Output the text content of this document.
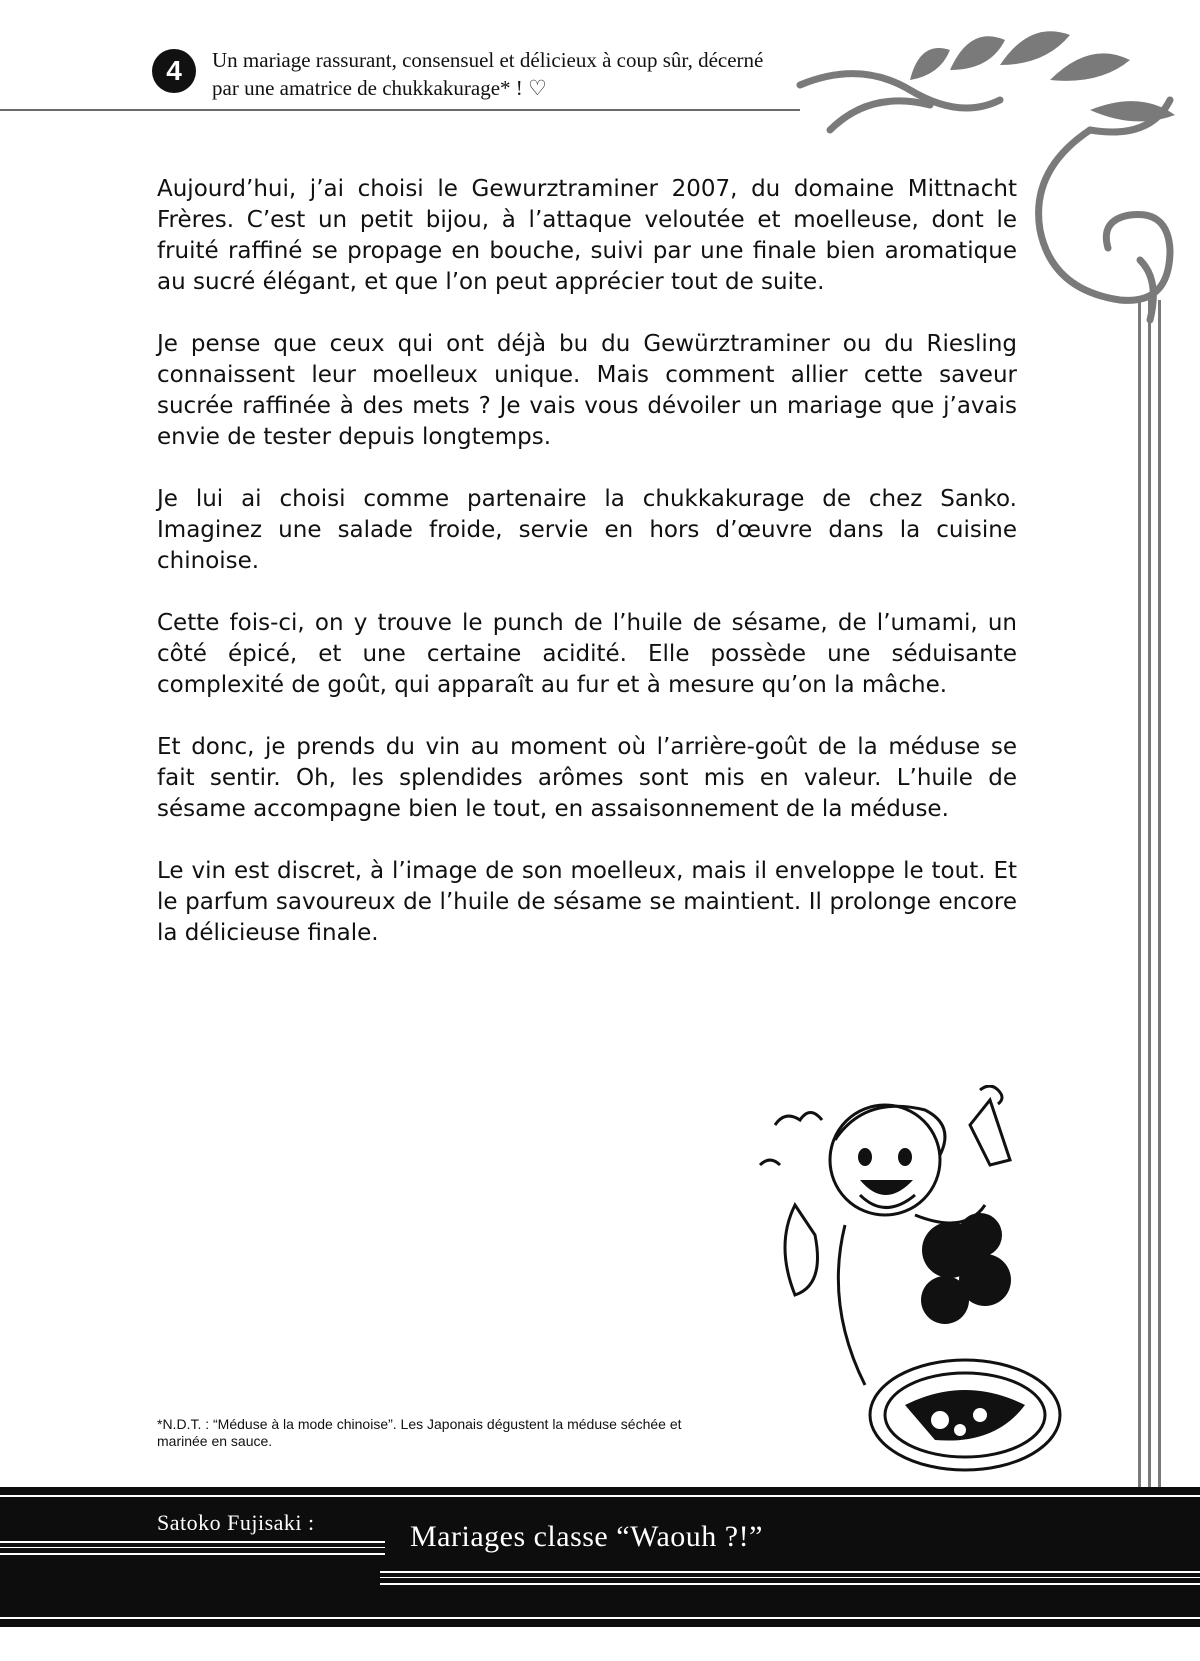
4	Un mariage rassurant, consensuel et délicieux à coup sûr, décerné par une amatrice de chukkakurage* ! ♡

Aujourd’hui, j’ai choisi le Gewurztraminer 2007, du domaine Mittnacht Frères. C’est un petit bijou, à l’attaque veloutée et moelleuse, dont le fruité raffiné se propage en bouche, suivi par une finale bien aromatique au sucré élégant, et que l’on peut apprécier tout de suite.

Je pense que ceux qui ont déjà bu du Gewürztraminer ou du Riesling connaissent leur moelleux unique. Mais comment allier cette saveur sucrée raffinée à des mets ? Je vais vous dévoiler un mariage que j’avais envie de tester depuis longtemps.

Je lui ai choisi comme partenaire la chukkakurage de chez Sanko. Imaginez une salade froide, servie en hors d’œuvre dans la cuisine chinoise.

Cette fois-ci, on y trouve le punch de l’huile de sésame, de l’umami, un côté épicé, et une certaine acidité. Elle possède une séduisante complexité de goût, qui apparaît au fur et à mesure qu’on la mâche.

Et donc, je prends du vin au moment où l’arrière-goût de la méduse se fait sentir. Oh, les splendides arômes sont mis en valeur. L’huile de sésame accompagne bien le tout, en assaisonnement de la méduse.

Le vin est discret, à l’image de son moelleux, mais il enveloppe le tout. Et le parfum savoureux de l’huile de sésame se maintient. Il prolonge encore la délicieuse finale.

*N.D.T. : “Méduse à la mode chinoise”. Les Japonais dégustent la méduse séchée et marinée en sauce.
Satoko Fujisaki :	Mariages classe “Waouh ?!”
